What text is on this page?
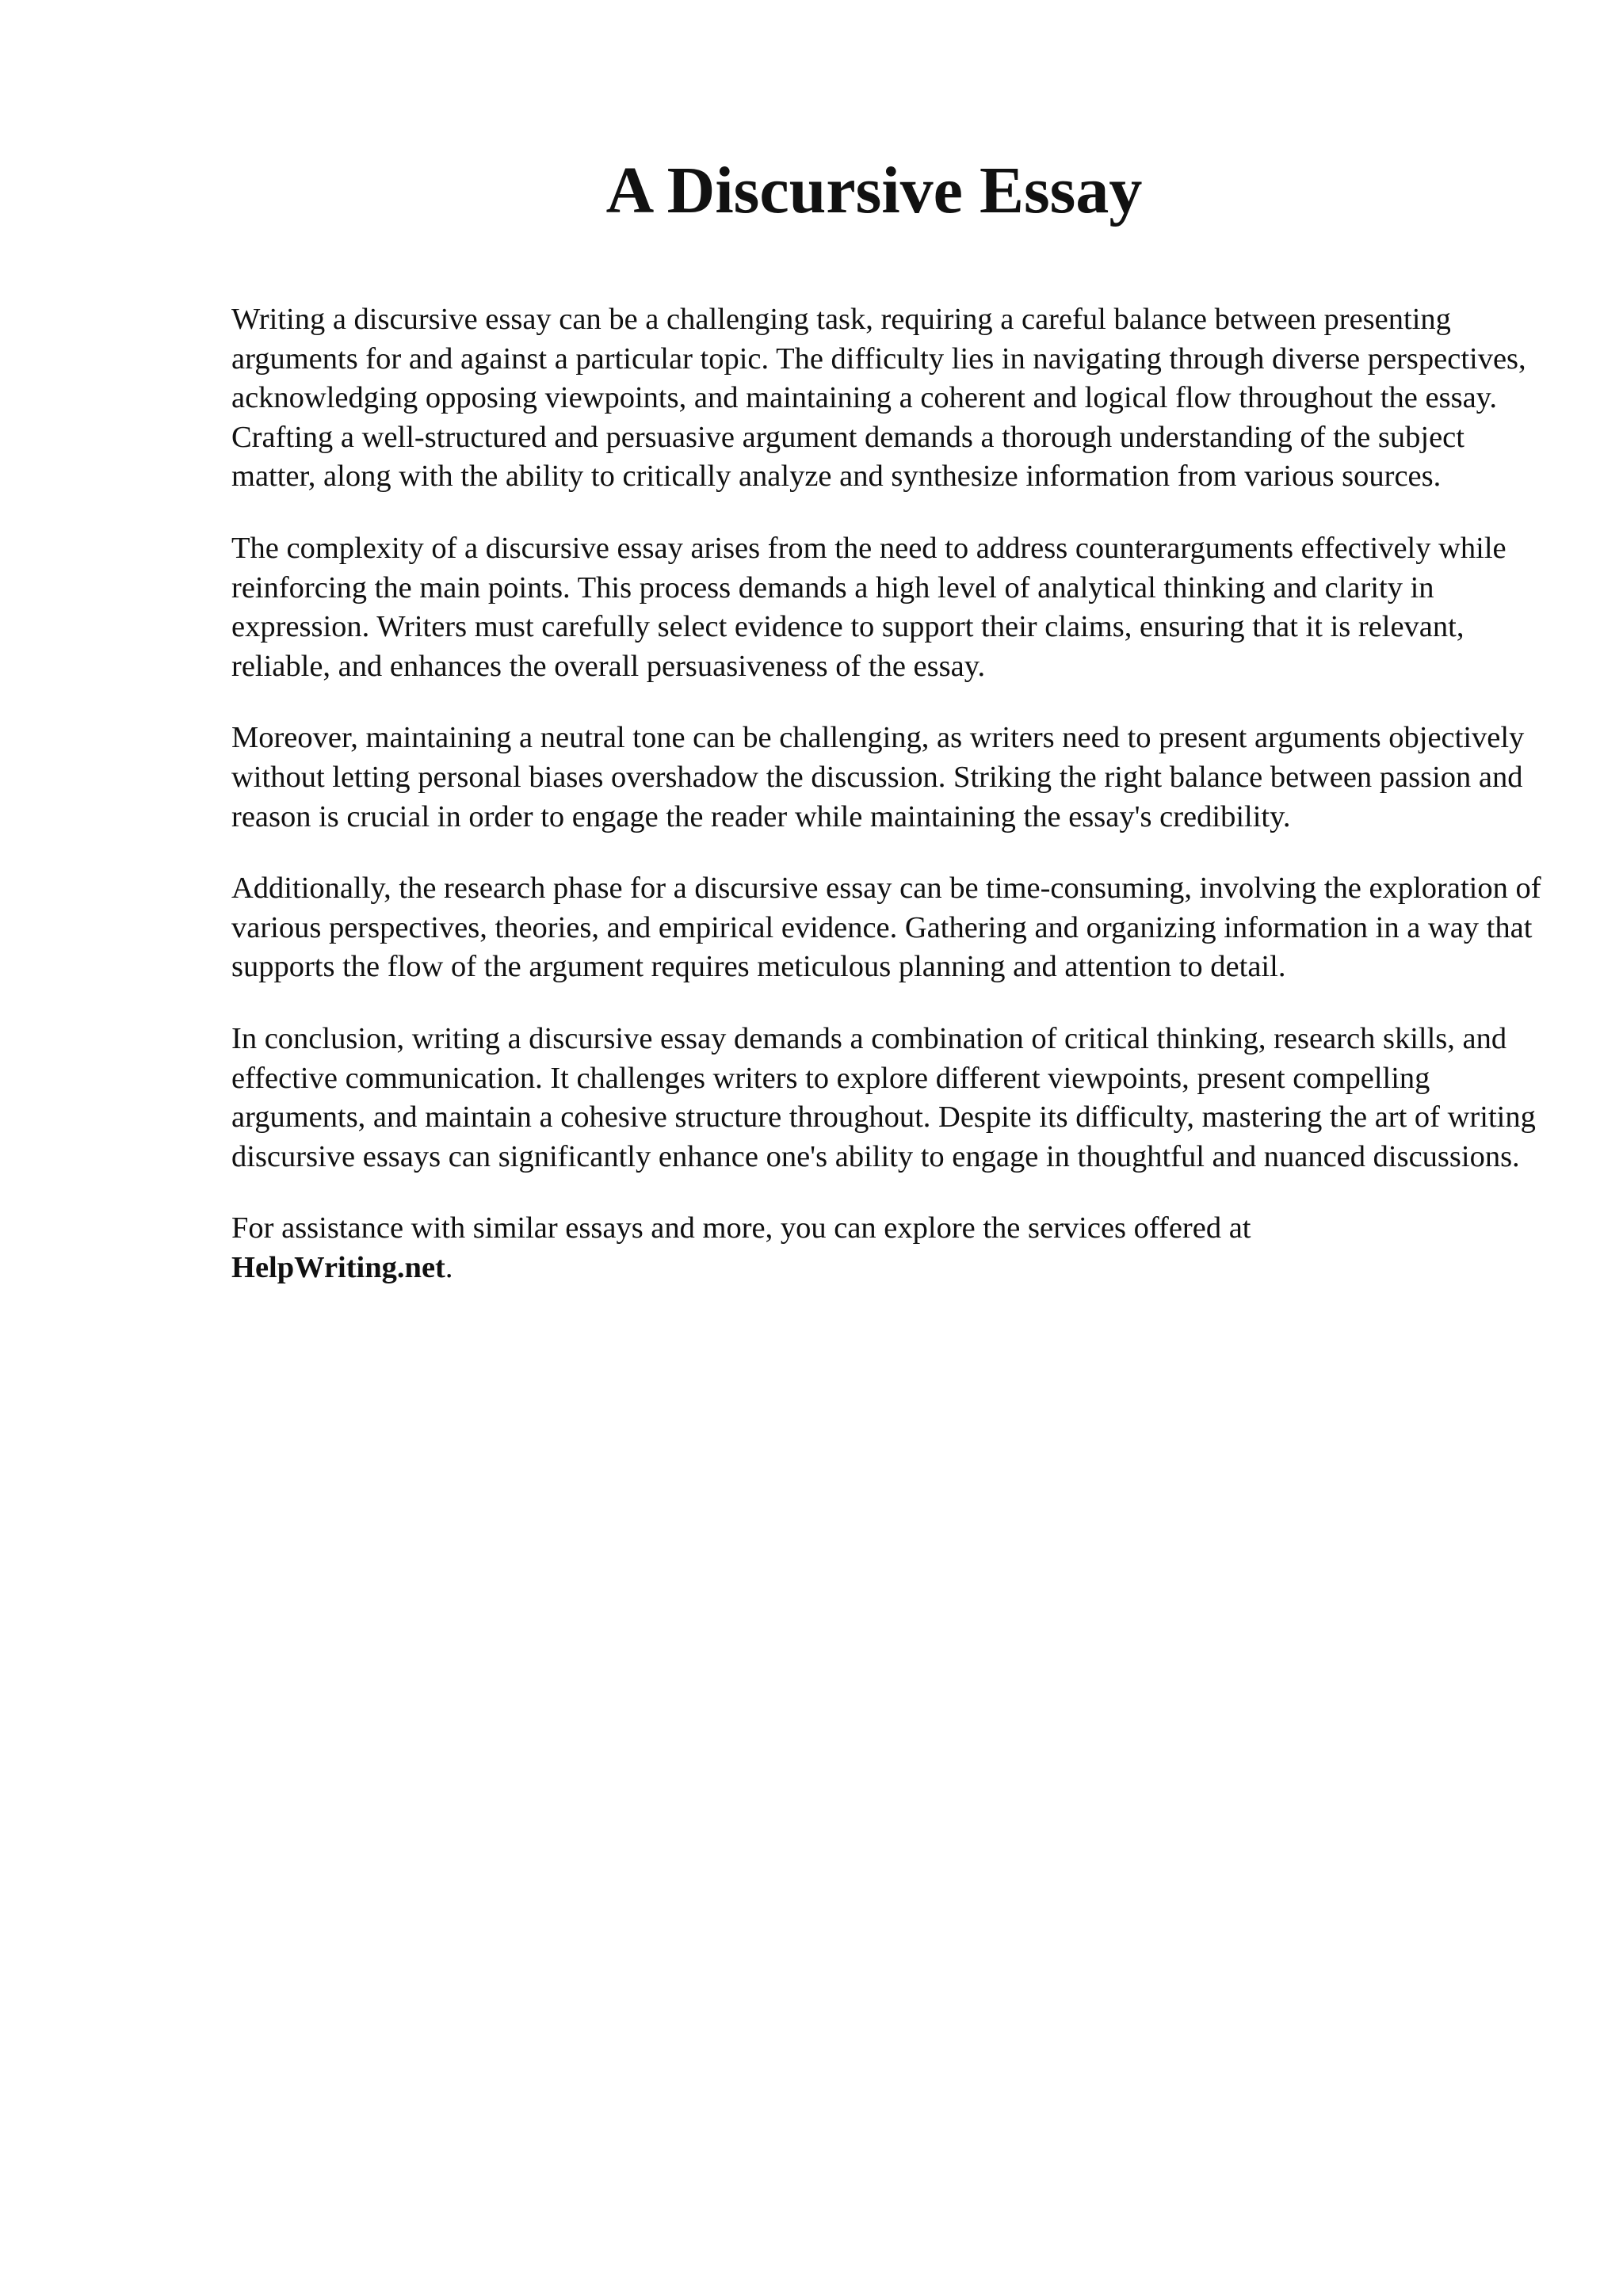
A Discursive Essay

Writing a discursive essay can be a challenging task, requiring a careful balance between presenting arguments for and against a particular topic. The difficulty lies in navigating through diverse perspectives, acknowledging opposing viewpoints, and maintaining a coherent and logical flow throughout the essay. Crafting a well-structured and persuasive argument demands a thorough understanding of the subject matter, along with the ability to critically analyze and synthesize information from various sources.

The complexity of a discursive essay arises from the need to address counterarguments effectively while reinforcing the main points. This process demands a high level of analytical thinking and clarity in expression. Writers must carefully select evidence to support their claims, ensuring that it is relevant, reliable, and enhances the overall persuasiveness of the essay.

Moreover, maintaining a neutral tone can be challenging, as writers need to present arguments objectively without letting personal biases overshadow the discussion. Striking the right balance between passion and reason is crucial in order to engage the reader while maintaining the essay's credibility.

Additionally, the research phase for a discursive essay can be time-consuming, involving the exploration of various perspectives, theories, and empirical evidence. Gathering and organizing information in a way that supports the flow of the argument requires meticulous planning and attention to detail.

In conclusion, writing a discursive essay demands a combination of critical thinking, research skills, and effective communication. It challenges writers to explore different viewpoints, present compelling arguments, and maintain a cohesive structure throughout. Despite its difficulty, mastering the art of writing discursive essays can significantly enhance one's ability to engage in thoughtful and nuanced discussions.

For assistance with similar essays and more, you can explore the services offered at
HelpWriting.net.
